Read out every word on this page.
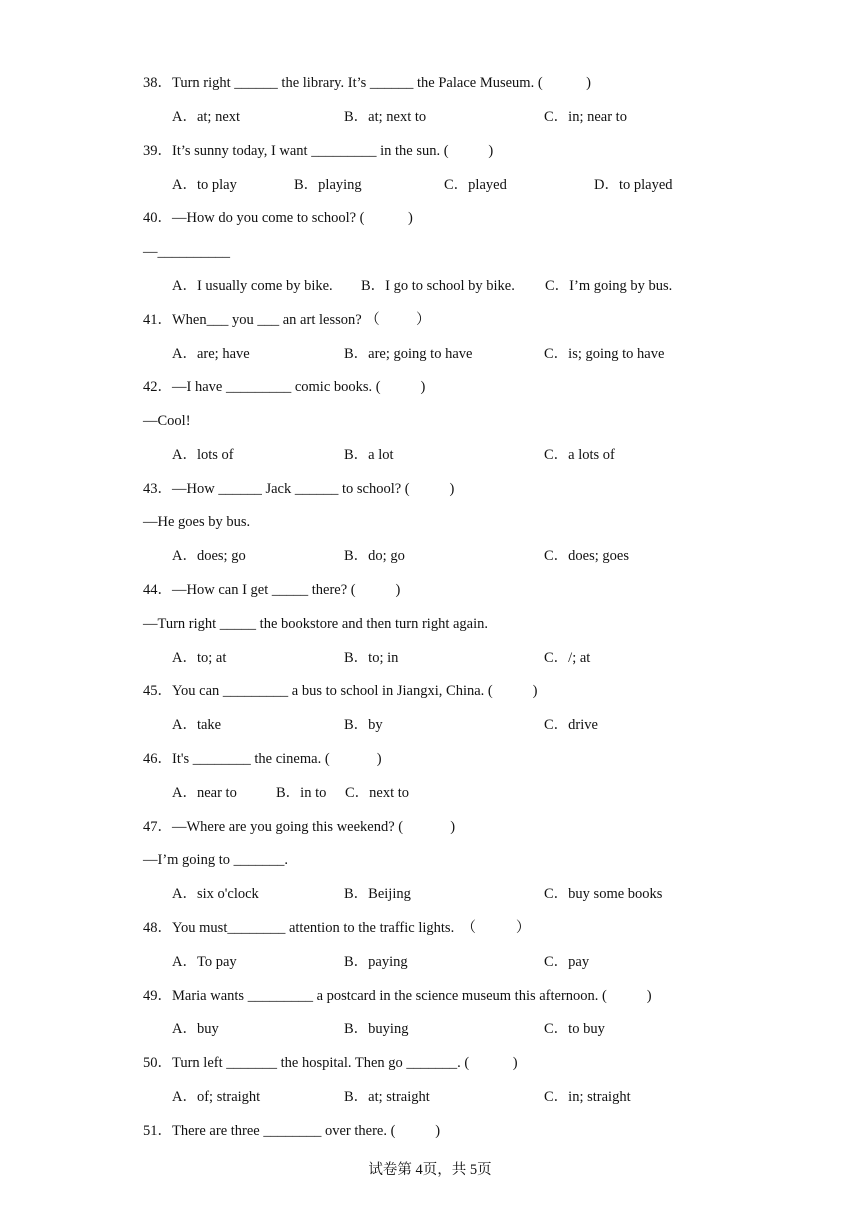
38．Turn right ______ the library. It’s ______ the Palace Museum. (            )
A．at; next	B．at; next to	C．in; near to
39．It’s sunny today, I want _________ in the sun. (           )
A．to play	B．playing	C．played	D．to played
40．—How do you come to school? (            )
—__________
A．I usually come by bike. B．I go to school by bike. C．I’m going by bus.
41．When___ you ___ an art lesson? （          ）
A．are; have	B．are; going to have	C．is; going to have
42．—I have _________ comic books. (           )
—Cool!
A．lots of	B．a lot	C．a lots of
43．—How ______ Jack ______ to school? (           )
—He goes by bus.
A．does; go	B．do; go	C．does; goes
44．—How can I get _____ there? (           )
—Turn right _____ the bookstore and then turn right again.
A．to; at	B．to; in	C．/; at
45．You can _________ a bus to school in Jiangxi, China. (           )
A．take	B．by	C．drive
46．It's ________ the cinema. (             )
A．near to	B．in to C．next to
47．—Where are you going this weekend? (             )
—I’m going to _______.
A．six o'clock	B．Beijing	C．buy some books
48．You must________ attention to the traffic lights.  （           ）
A．To pay	B．paying	C．pay
49．Maria wants _________ a postcard in the science museum this afternoon. (           )
A．buy	B．buying	C．to buy
50．Turn left _______ the hospital. Then go _______. (            )
A．of; straight	B．at; straight	C．in; straight
51．There are three ________ over there. (           )
试卷第 4页，共 5页
